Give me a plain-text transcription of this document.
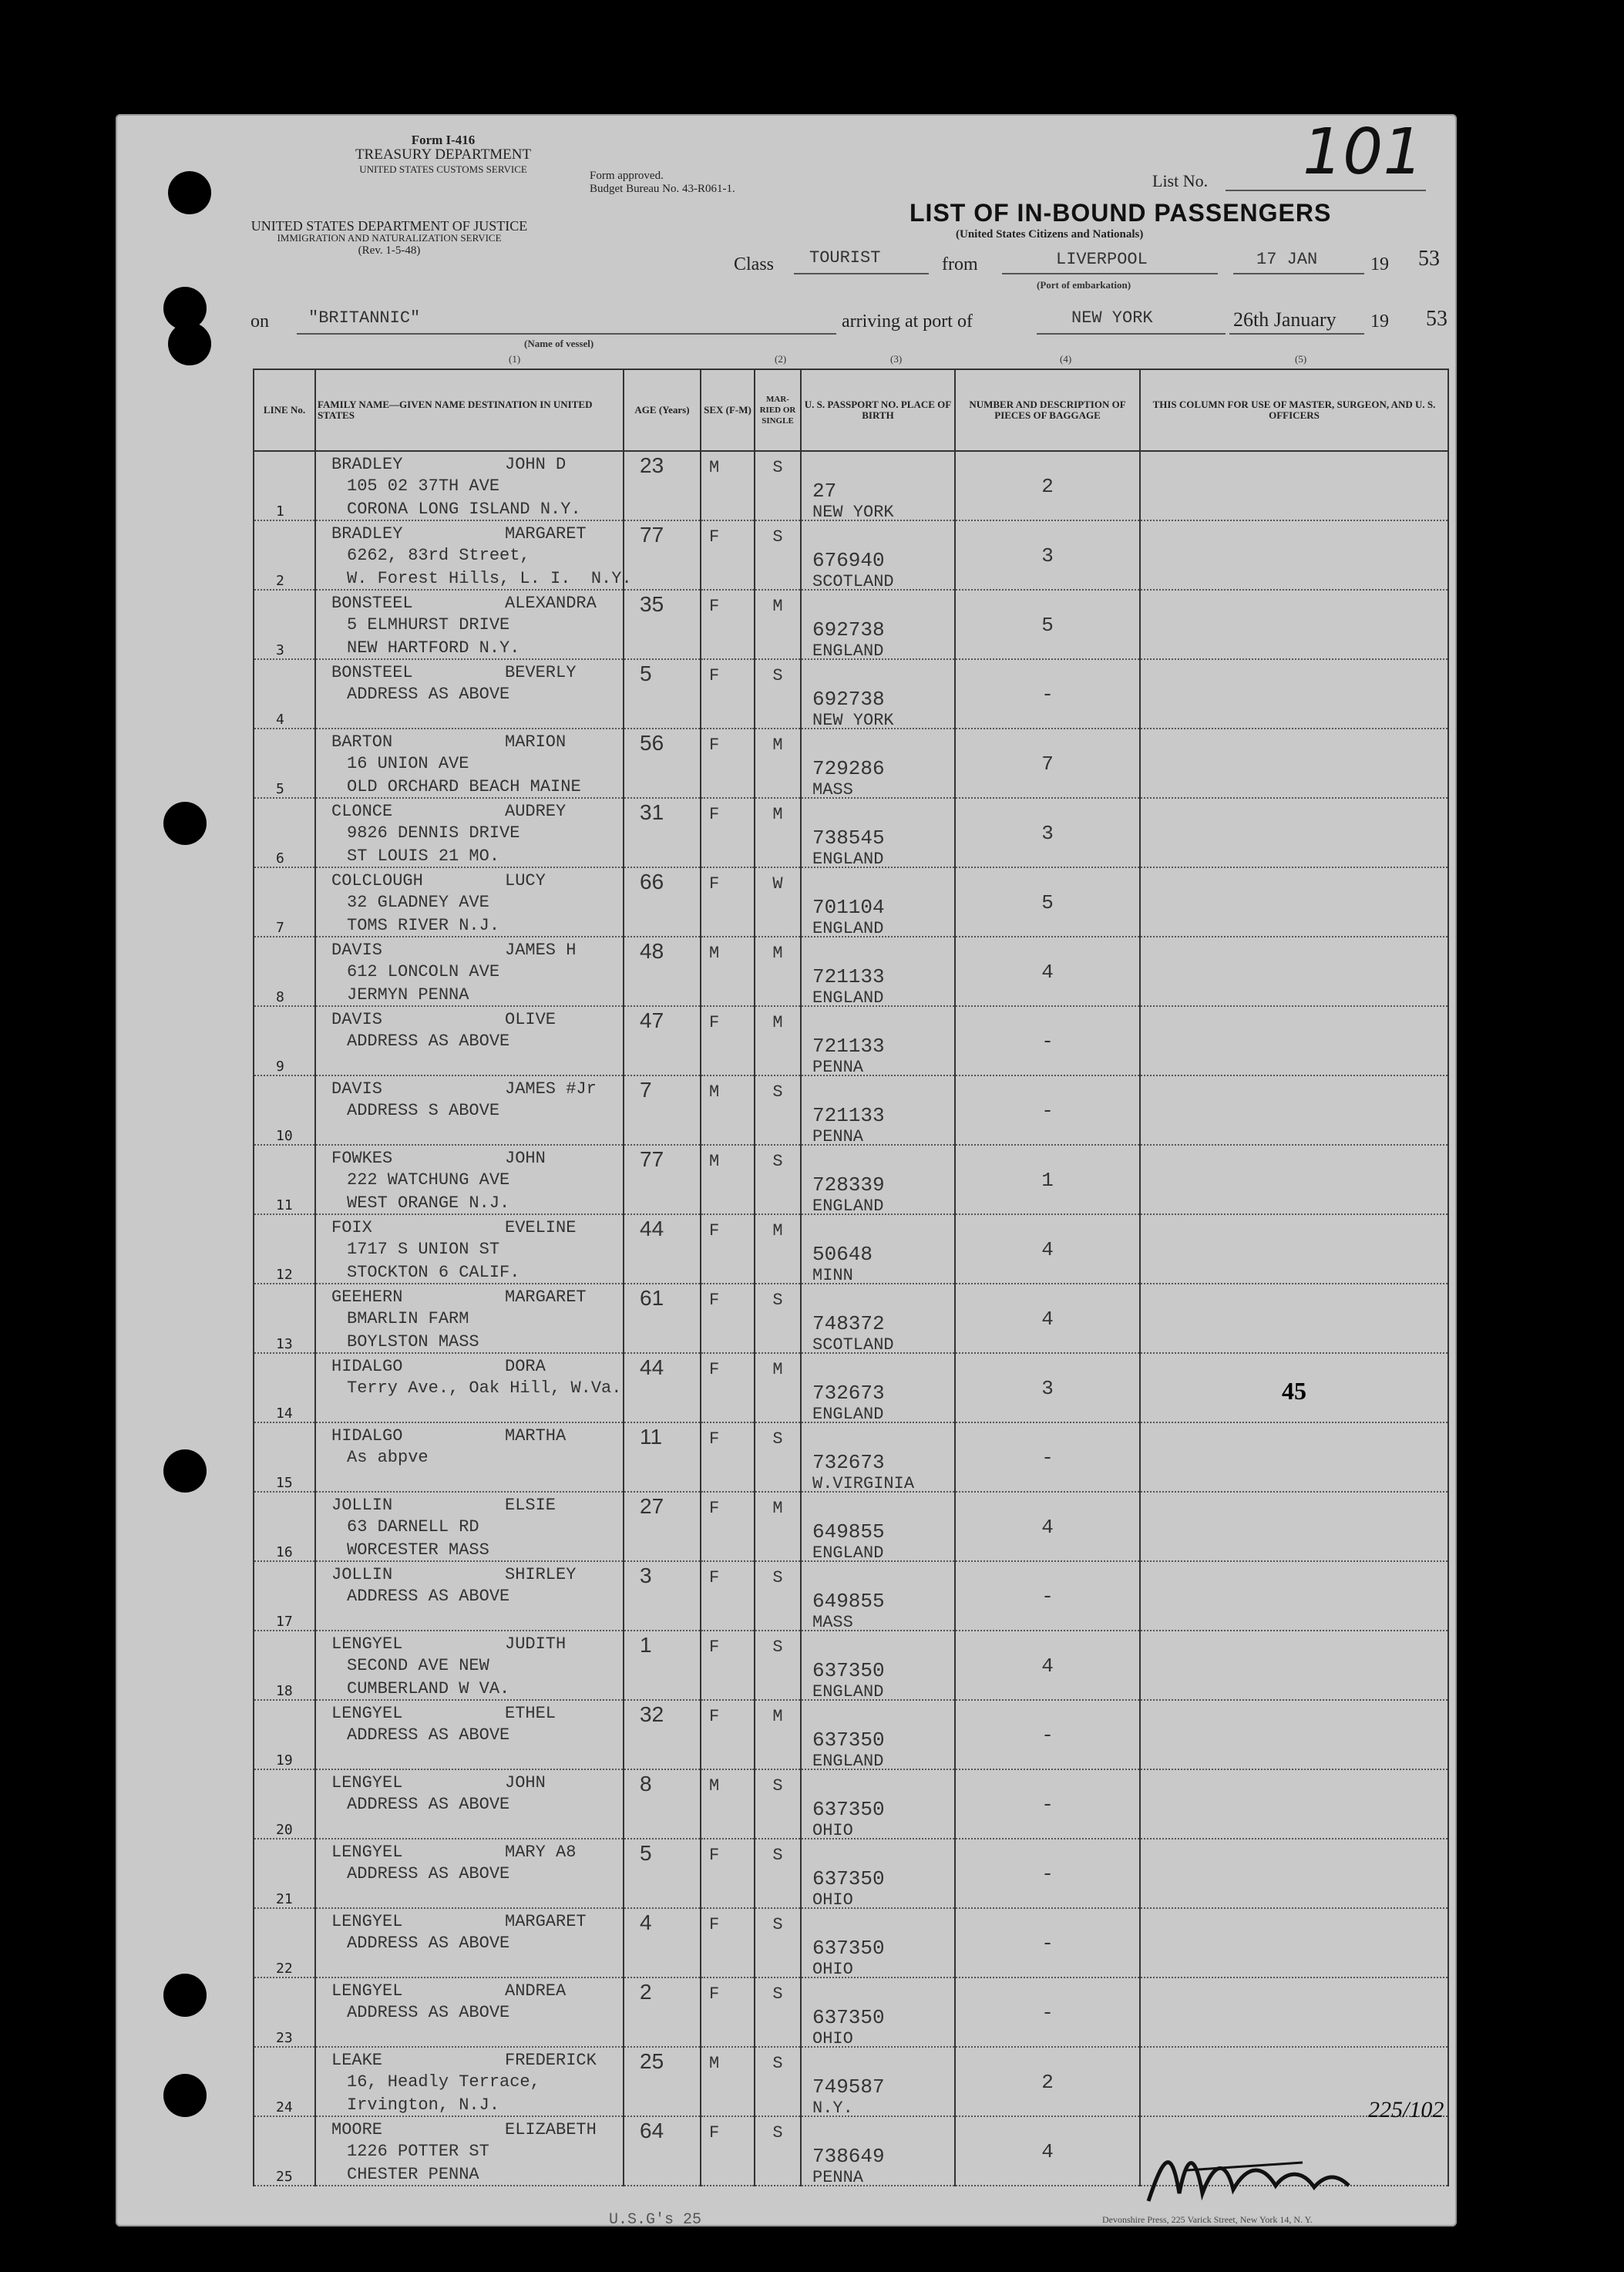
Form I-416
TREASURY DEPARTMENT
UNITED STATES CUSTOMS SERVICE
UNITED STATES DEPARTMENT OF JUSTICE
IMMIGRATION AND NATURALIZATION SERVICE
(Rev. 1-5-48)
Form approved.
Budget Bureau No. 43-R061-1.	List No. 101
LIST OF IN-BOUND PASSENGERS
(United States Citizens and Nationals)
Class TOURIST	from	LIVERPOOL	17 JAN	19 53
(Port of embarkation)
on "BRITANNIC"
(Name of vessel)
arriving at port of	NEW YORK	26th January 19 53
(1)	(2)	(3)	(4)	(5)
LINE No.	FAMILY NAME—GIVEN NAME DESTINATION IN UNITED STATES	AGE (Years)	SEX (F-M)	MAR-RIED OR SINGLE	U. S. PASSPORT NO. PLACE OF BIRTH	NUMBER AND DESCRIPTION OF PIECES OF BAGGAGE	THIS COLUMN FOR USE OF MASTER, SURGEON, AND U. S. OFFICERS

1	BRADLEY JOHN D
105 02 37TH AVE
CORONA LONG ISLAND N.Y.	23	M	S	27
NEW YORK	2	

2	BRADLEY MARGARET
6262, 83rd Street,
W. Forest Hills, L. I.  N.Y.	77	F	S	676940
SCOTLAND	3	

3	BONSTEEL ALEXANDRA
5 ELMHURST DRIVE
NEW HARTFORD N.Y.	35	F	M	692738
ENGLAND	5	

4	BONSTEEL BEVERLY
ADDRESS AS ABOVE	5	F	S	692738
NEW YORK	-	

5	BARTON MARION
16 UNION AVE
OLD ORCHARD BEACH MAINE	56	F	M	729286
MASS	7	

6	CLONCE AUDREY
9826 DENNIS DRIVE
ST LOUIS 21 MO.	31	F	M	738545
ENGLAND	3	

7	COLCLOUGH LUCY
32 GLADNEY AVE
TOMS RIVER N.J.	66	F	W	701104
ENGLAND	5	

8	DAVIS JAMES H
612 LONCOLN AVE
JERMYN PENNA	48	M	M	721133
ENGLAND	4	

9	DAVIS OLIVE
ADDRESS AS ABOVE	47	F	M	721133
PENNA	-	

10	DAVIS JAMES #Jr
ADDRESS S ABOVE	7	M	S	721133
PENNA	-	

11	FOWKES JOHN
222 WATCHUNG AVE
WEST ORANGE N.J.	77	M	S	728339
ENGLAND	1	

12	FOIX EVELINE
1717 S UNION ST
STOCKTON 6 CALIF.	44	F	M	50648
MINN	4	

13	GEEHERN MARGARET
BMARLIN FARM
BOYLSTON MASS	61	F	S	748372
SCOTLAND	4	

14	HIDALGO DORA
Terry Ave., Oak Hill, W.Va.	44	F	M	732673
ENGLAND	3	45

15	HIDALGO MARTHA
As abpve	11	F	S	732673
W.VIRGINIA	-	

16	JOLLIN ELSIE
63 DARNELL RD
WORCESTER MASS	27	F	M	649855
ENGLAND	4	

17	JOLLIN SHIRLEY
ADDRESS AS ABOVE	3	F	S	649855
MASS	-	

18	LENGYEL JUDITH
SECOND AVE NEW
CUMBERLAND W VA.	1	F	S	637350
ENGLAND	4	

19	LENGYEL ETHEL
ADDRESS AS ABOVE	32	F	M	637350
ENGLAND	-	

20	LENGYEL JOHN
ADDRESS AS ABOVE	8	M	S	637350
OHIO	-	

21	LENGYEL MARY A8
ADDRESS AS ABOVE	5	F	S	637350
OHIO	-	

22	LENGYEL MARGARET
ADDRESS AS ABOVE	4	F	S	637350
OHIO	-	

23	LENGYEL ANDREA
ADDRESS AS ABOVE	2	F	S	637350
OHIO	-	

24	LEAKE FREDERICK
16, Headly Terrace,
Irvington, N.J.	25	M	S	749587
N.Y.	2	

25	MOORE ELIZABETH
1226 POTTER ST
CHESTER PENNA	64	F	S	738649
PENNA	4	

U.S.G's 25	Devonshire Press, 225 Varick Street, New York 14, N. Y.
225/102
